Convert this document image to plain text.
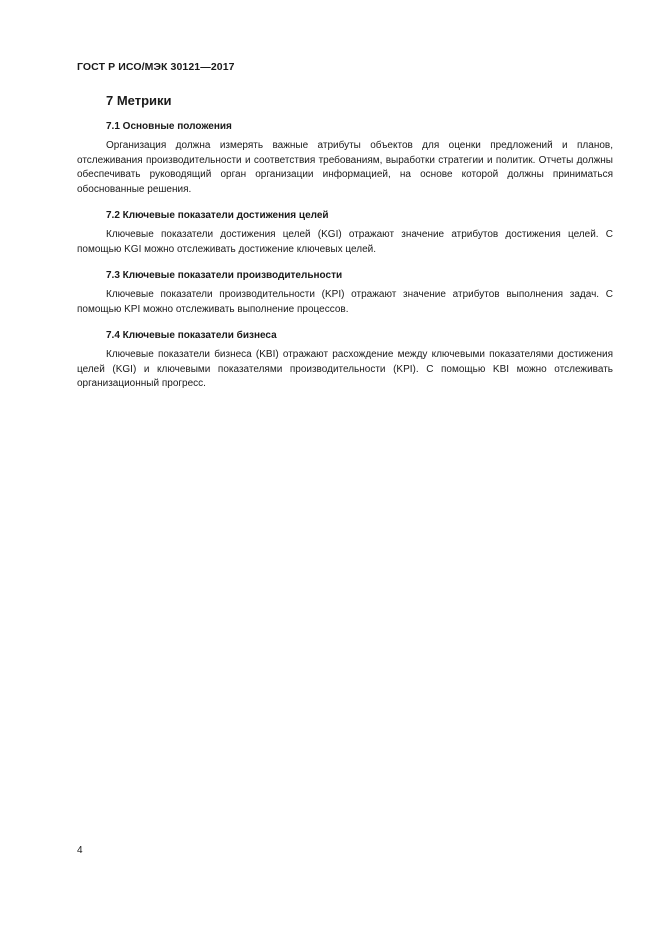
ГОСТ Р ИСО/МЭК 30121—2017
7 Метрики
7.1 Основные положения

Организация должна измерять важные атрибуты объектов для оценки предложений и планов, отслеживания производительности и соответствия требованиям, выработки стратегии и политик. Отчеты должны обеспечивать руководящий орган организации информацией, на основе которой должны приниматься обоснованные решения.

7.2 Ключевые показатели достижения целей

Ключевые показатели достижения целей (KGI) отражают значение атрибутов достижения целей. С помощью KGI можно отслеживать достижение ключевых целей.

7.3 Ключевые показатели производительности

Ключевые показатели производительности (KPI) отражают значение атрибутов выполнения задач. С помощью KPI можно отслеживать выполнение процессов.

7.4 Ключевые показатели бизнеса

Ключевые показатели бизнеса (KBI) отражают расхождение между ключевыми показателями достижения целей (KGI) и ключевыми показателями производительности (KPI). С помощью KBI можно отслеживать организационный прогресс.

4
